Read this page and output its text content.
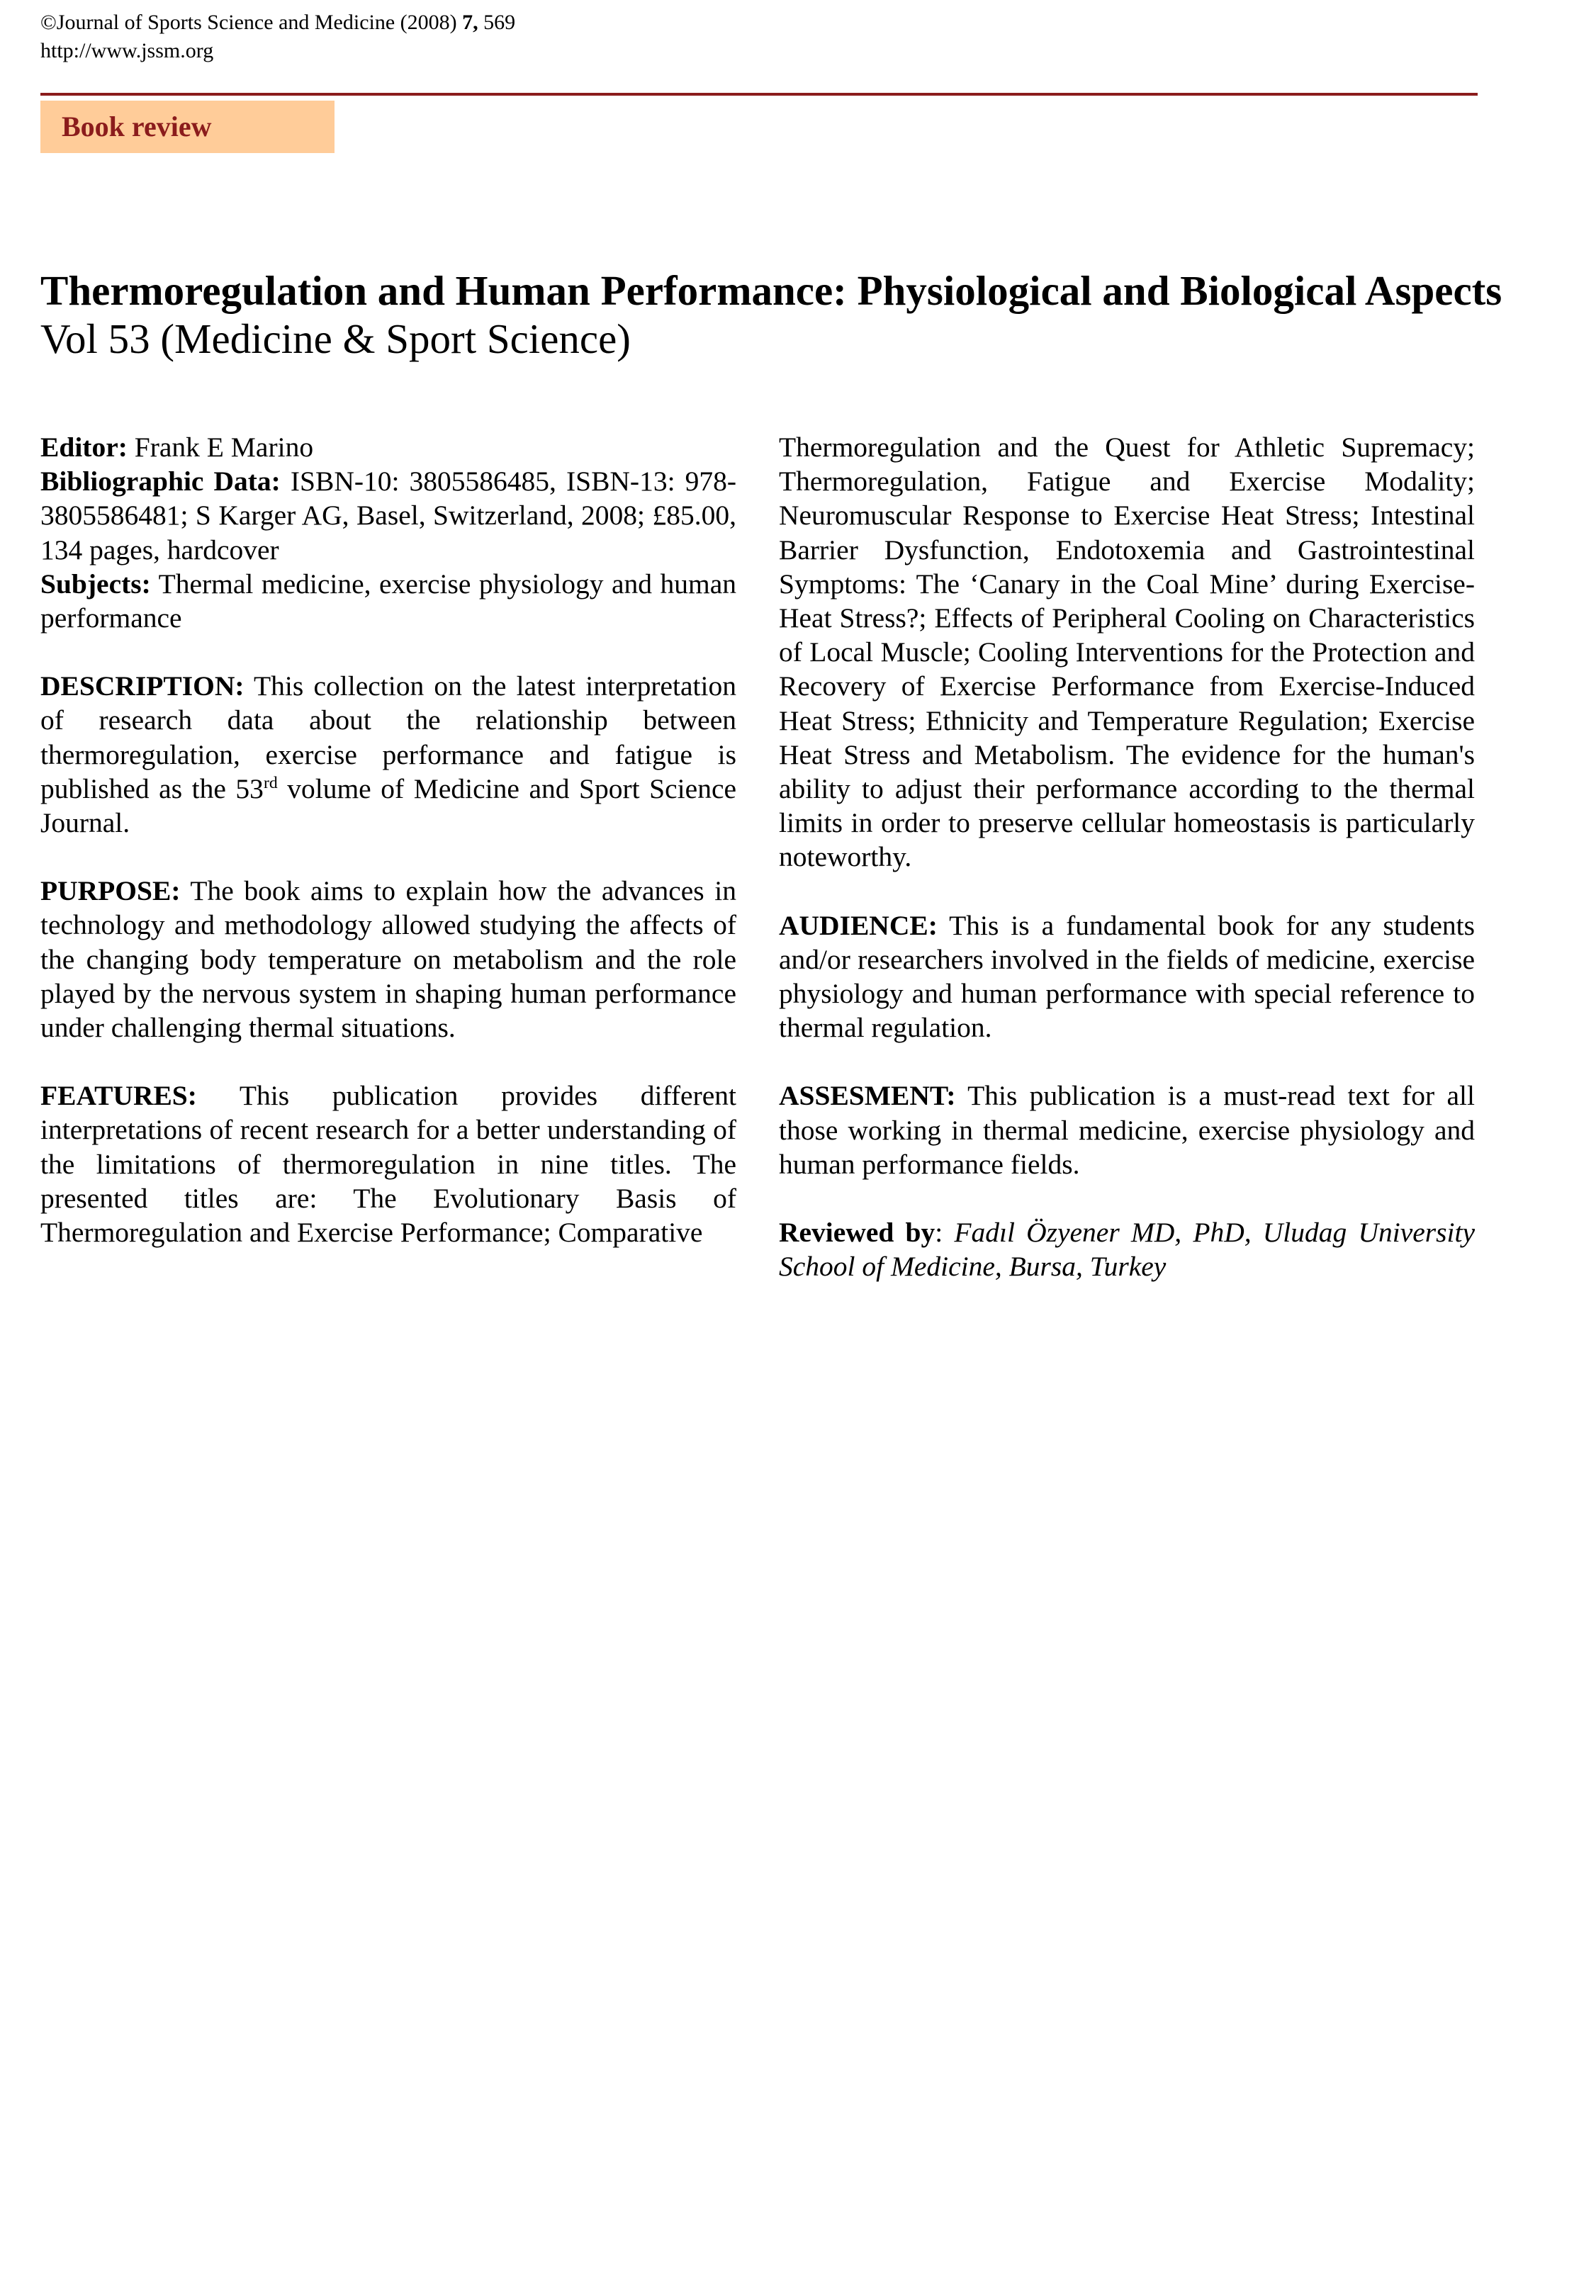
©Journal of Sports Science and Medicine (2008) 7, 569
http://www.jssm.org
Book review
Thermoregulation and Human Performance: Physiological and Biological Aspects
Vol 53 (Medicine & Sport Science)

Editor: Frank E Marino

Bibliographic Data: ISBN-10: 3805586485, ISBN-13: 978-3805586481; S Karger AG, Basel, Switzerland, 2008; £85.00, 134 pages, hardcover

Subjects: Thermal medicine, exercise physiology and human performance

DESCRIPTION: This collection on the latest interpretation of research data about the relationship between thermoregulation, exercise performance and fatigue is published as the 53rd volume of Medicine and Sport Science Journal.

PURPOSE: The book aims to explain how the advances in technology and methodology allowed studying the affects of the changing body temperature on metabolism and the role played by the nervous system in shaping human performance under challenging thermal situations.

FEATURES: This publication provides different interpretations of recent research for a better understanding of the limitations of thermoregulation in nine titles. The presented titles are: The Evolutionary Basis of Thermoregulation and Exercise Performance; Comparative

Thermoregulation and the Quest for Athletic Supremacy; Thermoregulation, Fatigue and Exercise Modality; Neuromuscular Response to Exercise Heat Stress; Intestinal Barrier Dysfunction, Endotoxemia and Gastrointestinal Symptoms: The ‘Canary in the Coal Mine’ during Exercise-Heat Stress?; Effects of Peripheral Cooling on Characteristics of Local Muscle; Cooling Interventions for the Protection and Recovery of Exercise Performance from Exercise-Induced Heat Stress; Ethnicity and Temperature Regulation; Exercise Heat Stress and Metabolism. The evidence for the human's ability to adjust their performance according to the thermal limits in order to preserve cellular homeostasis is particularly noteworthy.

AUDIENCE: This is a fundamental book for any students and/or researchers involved in the fields of medicine, exercise physiology and human performance with special reference to thermal regulation.

ASSESMENT: This publication is a must-read text for all those working in thermal medicine, exercise physiology and human performance fields.

Reviewed by: Fadıl Özyener MD, PhD, Uludag University School of Medicine, Bursa, Turkey
